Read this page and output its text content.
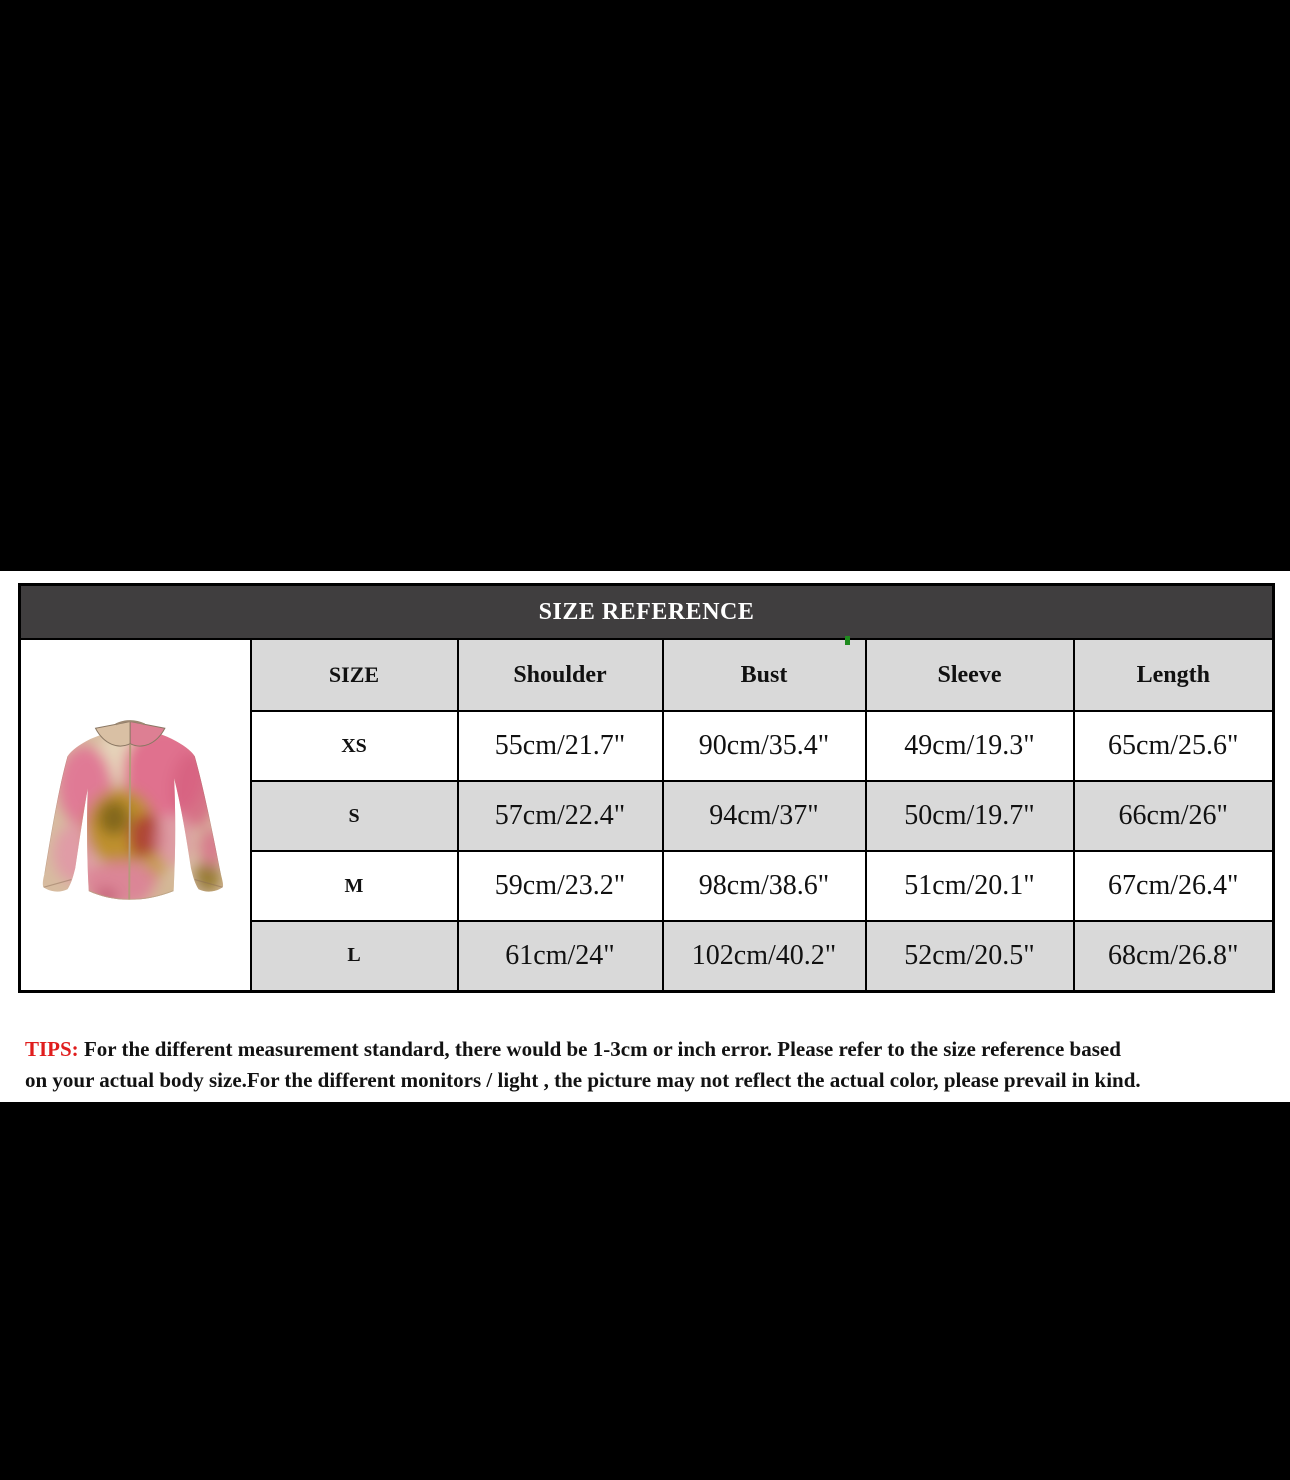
SIZE REFERENCE					

	SIZE	Shoulder	Bust	Sleeve	Length
	XS	55cm/21.7"	90cm/35.4"	49cm/19.3"	65cm/25.6"
	S	57cm/22.4"	94cm/37"	50cm/19.7"	66cm/26"
	M	59cm/23.2"	98cm/38.6"	51cm/20.1"	67cm/26.4"
	L	61cm/24"	102cm/40.2"	52cm/20.5"	68cm/26.8"
TIPS: For the different measurement standard, there would be 1-3cm or inch error. Please refer to the size reference based
on your actual body size.For the different monitors / light , the picture may not reflect the actual color, please prevail in kind.
